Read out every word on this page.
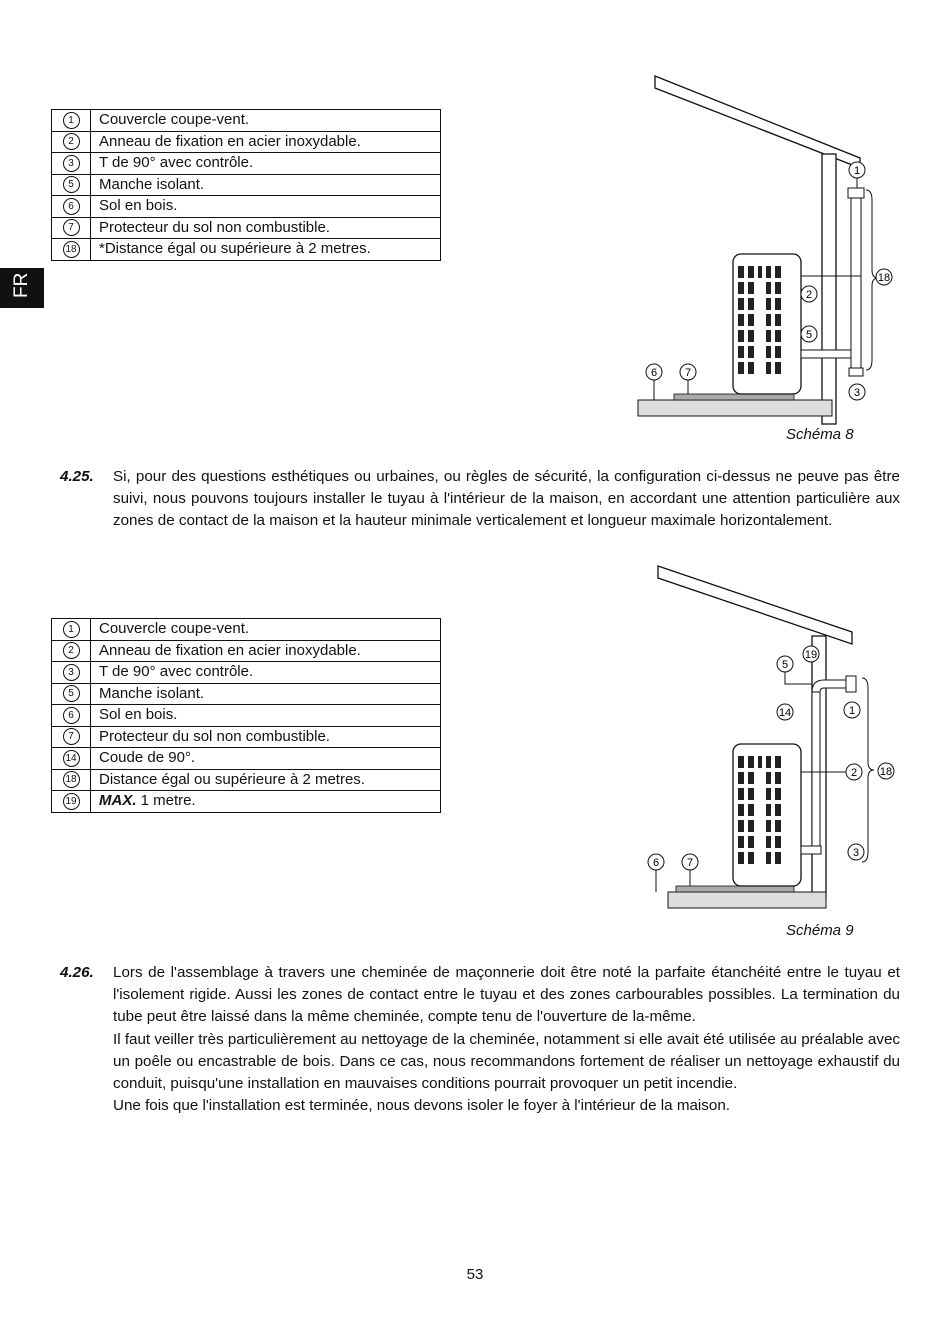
FR
1	Couvercle coupe-vent.
2	Anneau de fixation en acier inoxydable.
3	T de 90° avec contrôle.
5	Manche isolant.
6	Sol en bois.
7	Protecteur du sol non combustible.
18	*Distance égal ou supérieure à 2 metres.
1
18
2
5
6	7
3
Schéma 8
4.25. Si, pour des questions esthétiques ou urbaines, ou règles de sécurité, la configuration ci-dessus ne peuve pas être suivi, nous pouvons toujours installer le tuyau à l'intérieur de la maison, en accordant une attention particulière aux zones de contact de la maison et la hauteur minimale verticalement et longueur maximale horizontalement.

1	Couvercle coupe-vent.
2	Anneau de fixation en acier inoxydable.
3	T de 90° avec contrôle.
5	Manche isolant.
6	Sol en bois.
7	Protecteur du sol non combustible.
14	Coude de 90°.
18	Distance égal ou supérieure à 2 metres.
19	MAX. 1 metre.
19
5
14	1
18
2
3
6	7
Schéma 9
4.26. Lors de l'assemblage à travers une cheminée de maçonnerie doit être noté la parfaite étanchéité entre le tuyau et l'isolement rigide. Aussi les zones de contact entre le tuyau et des zones carbourables possibles. La termination du tube peut être laissé dans la même cheminée, compte tenu de l'ouverture de la-même.

Il faut veiller très particulièrement au nettoyage de la cheminée, notamment si elle avait été utilisée au préalable avec un poêle ou encastrable de bois. Dans ce cas, nous recommandons fortement de réaliser un nettoyage exhaustif du conduit, puisqu'une installation en mauvaises conditions pourrait provoquer un petit incendie.

Une fois que l'installation est terminée, nous devons isoler le foyer à l'intérieur de la maison.

53
